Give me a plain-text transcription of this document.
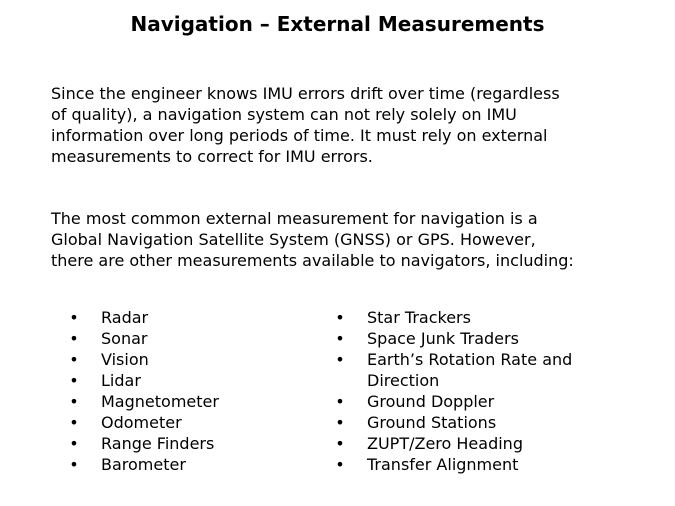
Navigation – External Measurements

Since the engineer knows IMU errors drift over time (regardless
of quality), a navigation system can not rely solely on IMU
information over long periods of time. It must rely on external
measurements to correct for IMU errors.

The most common external measurement for navigation is a
Global Navigation Satellite System (GNSS) or GPS. However,
there are other measurements available to navigators, including:

• Radar
• Sonar
• Vision
• Lidar
• Magnetometer
• Odometer
• Range Finders
• Barometer
• Star Trackers
• Space Junk Traders
• Earth’s Rotation Rate and
Direction
• Ground Doppler
• Ground Stations
• ZUPT/Zero Heading
• Transfer Alignment
